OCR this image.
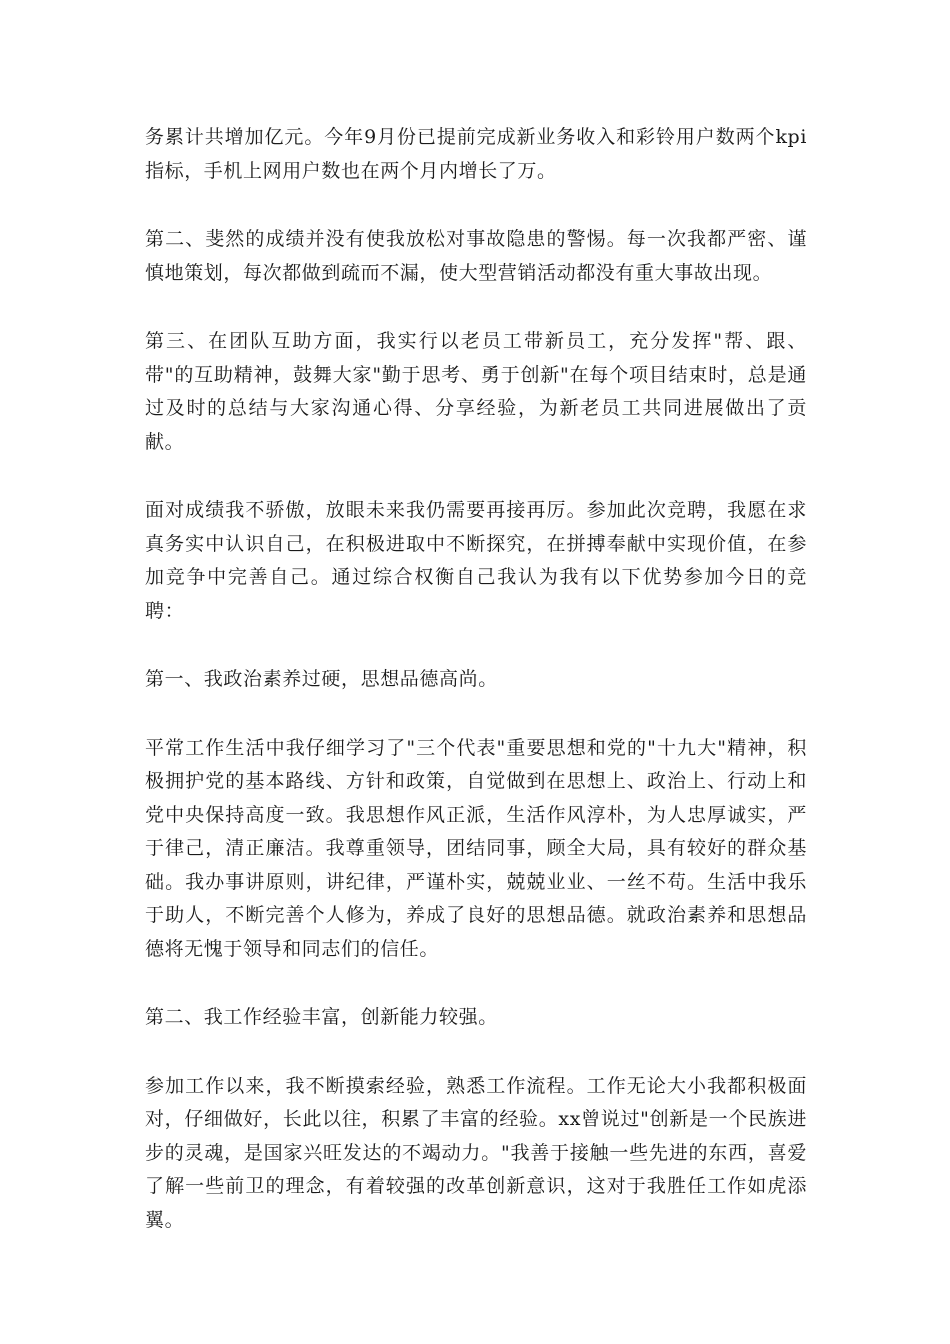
务累计共增加亿元。今年9月份已提前完成新业务收入和彩铃用户数两个kpi指标，手机上网用户数也在两个月内增长了万。

第二、斐然的成绩并没有使我放松对事故隐患的警惕。每一次我都严密、谨慎地策划，每次都做到疏而不漏，使大型营销活动都没有重大事故出现。

第三、在团队互助方面，我实行以老员工带新员工，充分发挥"帮、跟、带"的互助精神，鼓舞大家"勤于思考、勇于创新"在每个项目结束时，总是通过及时的总结与大家沟通心得、分享经验，为新老员工共同进展做出了贡献。

面对成绩我不骄傲，放眼未来我仍需要再接再厉。参加此次竞聘，我愿在求真务实中认识自己，在积极进取中不断探究，在拼搏奉献中实现价值，在参加竞争中完善自己。通过综合权衡自己我认为我有以下优势参加今日的竞聘：

第一、我政治素养过硬，思想品德高尚。

平常工作生活中我仔细学习了"三个代表"重要思想和党的"十九大"精神，积极拥护党的基本路线、方针和政策，自觉做到在思想上、政治上、行动上和党中央保持高度一致。我思想作风正派，生活作风淳朴，为人忠厚诚实，严于律己，清正廉洁。我尊重领导，团结同事，顾全大局，具有较好的群众基础。我办事讲原则，讲纪律，严谨朴实，兢兢业业、一丝不苟。生活中我乐于助人，不断完善个人修为，养成了良好的思想品德。就政治素养和思想品德将无愧于领导和同志们的信任。

第二、我工作经验丰富，创新能力较强。

参加工作以来，我不断摸索经验，熟悉工作流程。工作无论大小我都积极面对，仔细做好，长此以往，积累了丰富的经验。xx曾说过"创新是一个民族进步的灵魂，是国家兴旺发达的不竭动力。"我善于接触一些先进的东西，喜爱了解一些前卫的理念，有着较强的改革创新意识，这对于我胜任工作如虎添翼。
